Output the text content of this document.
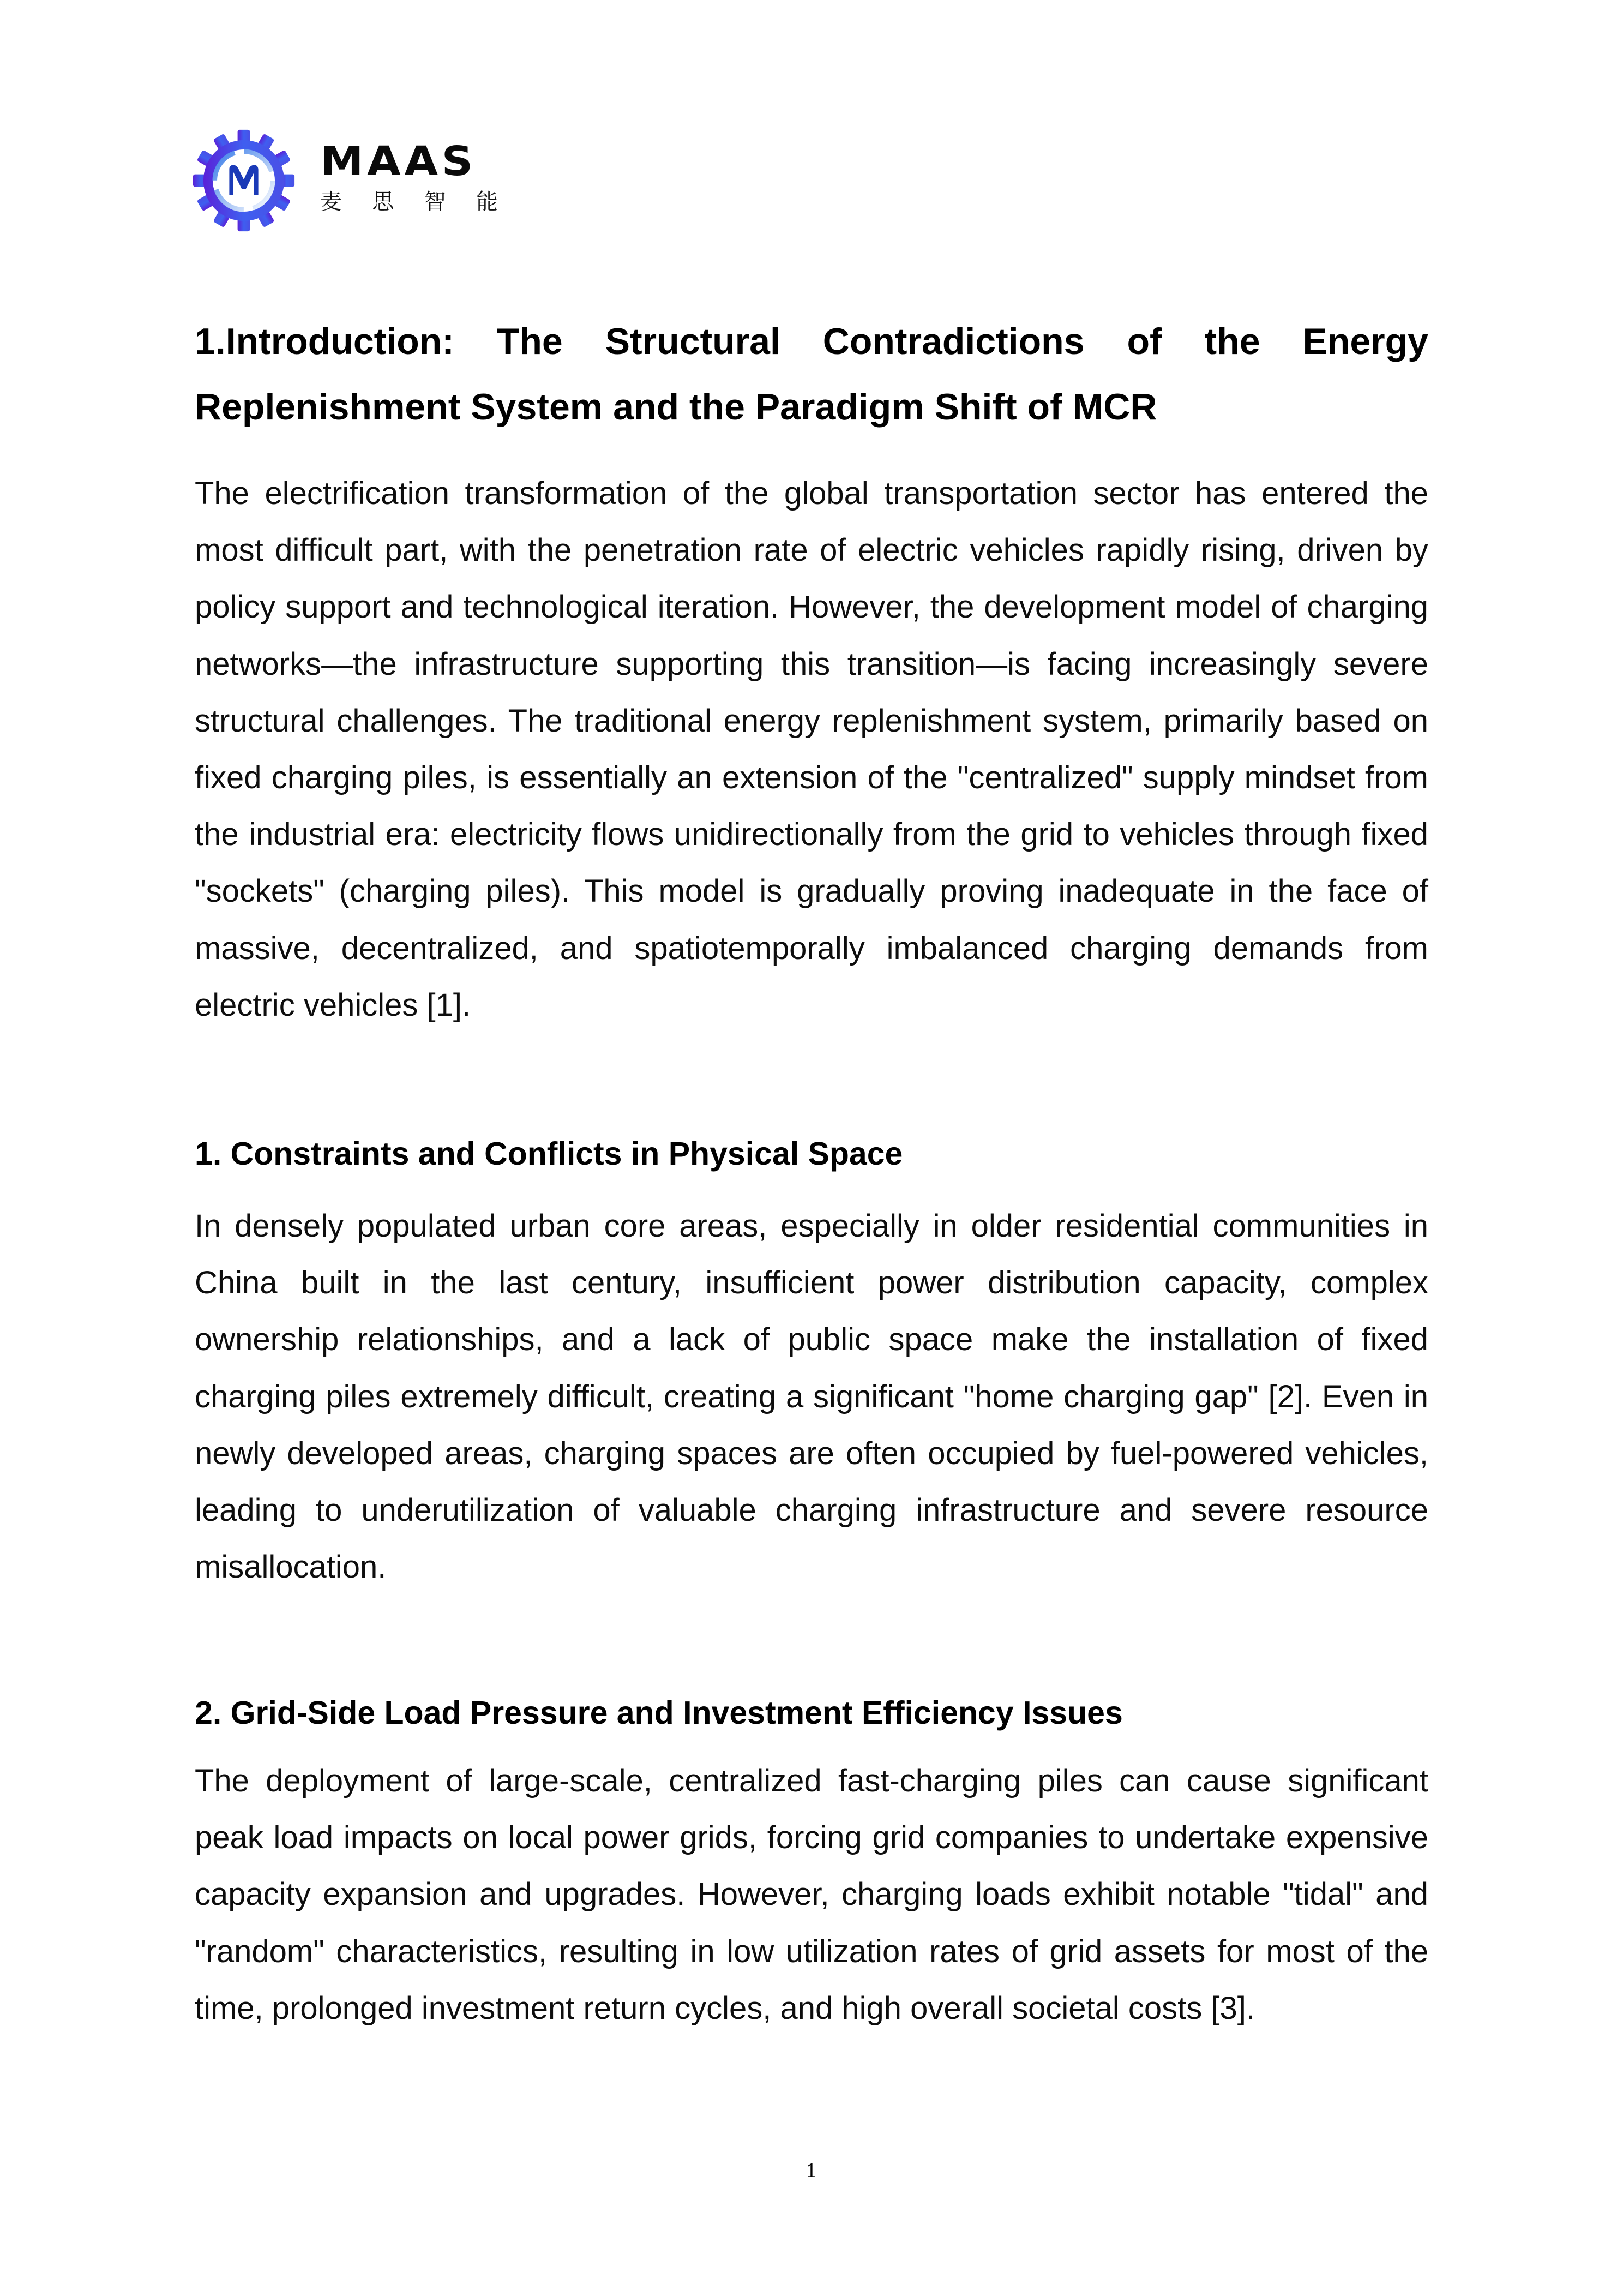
MAAS
麦 思 智 能
1.Introduction: The Structural Contradictions of the Energy Replenishment System and the Paradigm Shift of MCR

The electrification transformation of the global transportation sector has entered the most difficult part, with the penetration rate of electric vehicles rapidly rising, driven by policy support and technological iteration. However, the development model of charging networks—the infrastructure supporting this transition—is facing increasingly severe structural challenges. The traditional energy replenishment system, primarily based on fixed charging piles, is essentially an extension of the "centralized" supply mindset from the industrial era: electricity flows unidirectionally from the grid to vehicles through fixed "sockets" (charging piles). This model is gradually proving inadequate in the face of massive, decentralized, and spatiotemporally imbalanced charging demands from electric vehicles [1].

1. Constraints and Conflicts in Physical Space

In densely populated urban core areas, especially in older residential communities in China built in the last century, insufficient power distribution capacity, complex ownership relationships, and a lack of public space make the installation of fixed charging piles extremely difficult, creating a significant "home charging gap" [2]. Even in newly developed areas, charging spaces are often occupied by fuel-powered vehicles, leading to underutilization of valuable charging infrastructure and severe resource misallocation.

2. Grid-Side Load Pressure and Investment Efficiency Issues

The deployment of large-scale, centralized fast-charging piles can cause significant peak load impacts on local power grids, forcing grid companies to undertake expensive capacity expansion and upgrades. However, charging loads exhibit notable "tidal" and "random" characteristics, resulting in low utilization rates of grid assets for most of the time, prolonged investment return cycles, and high overall societal costs [3].

1
